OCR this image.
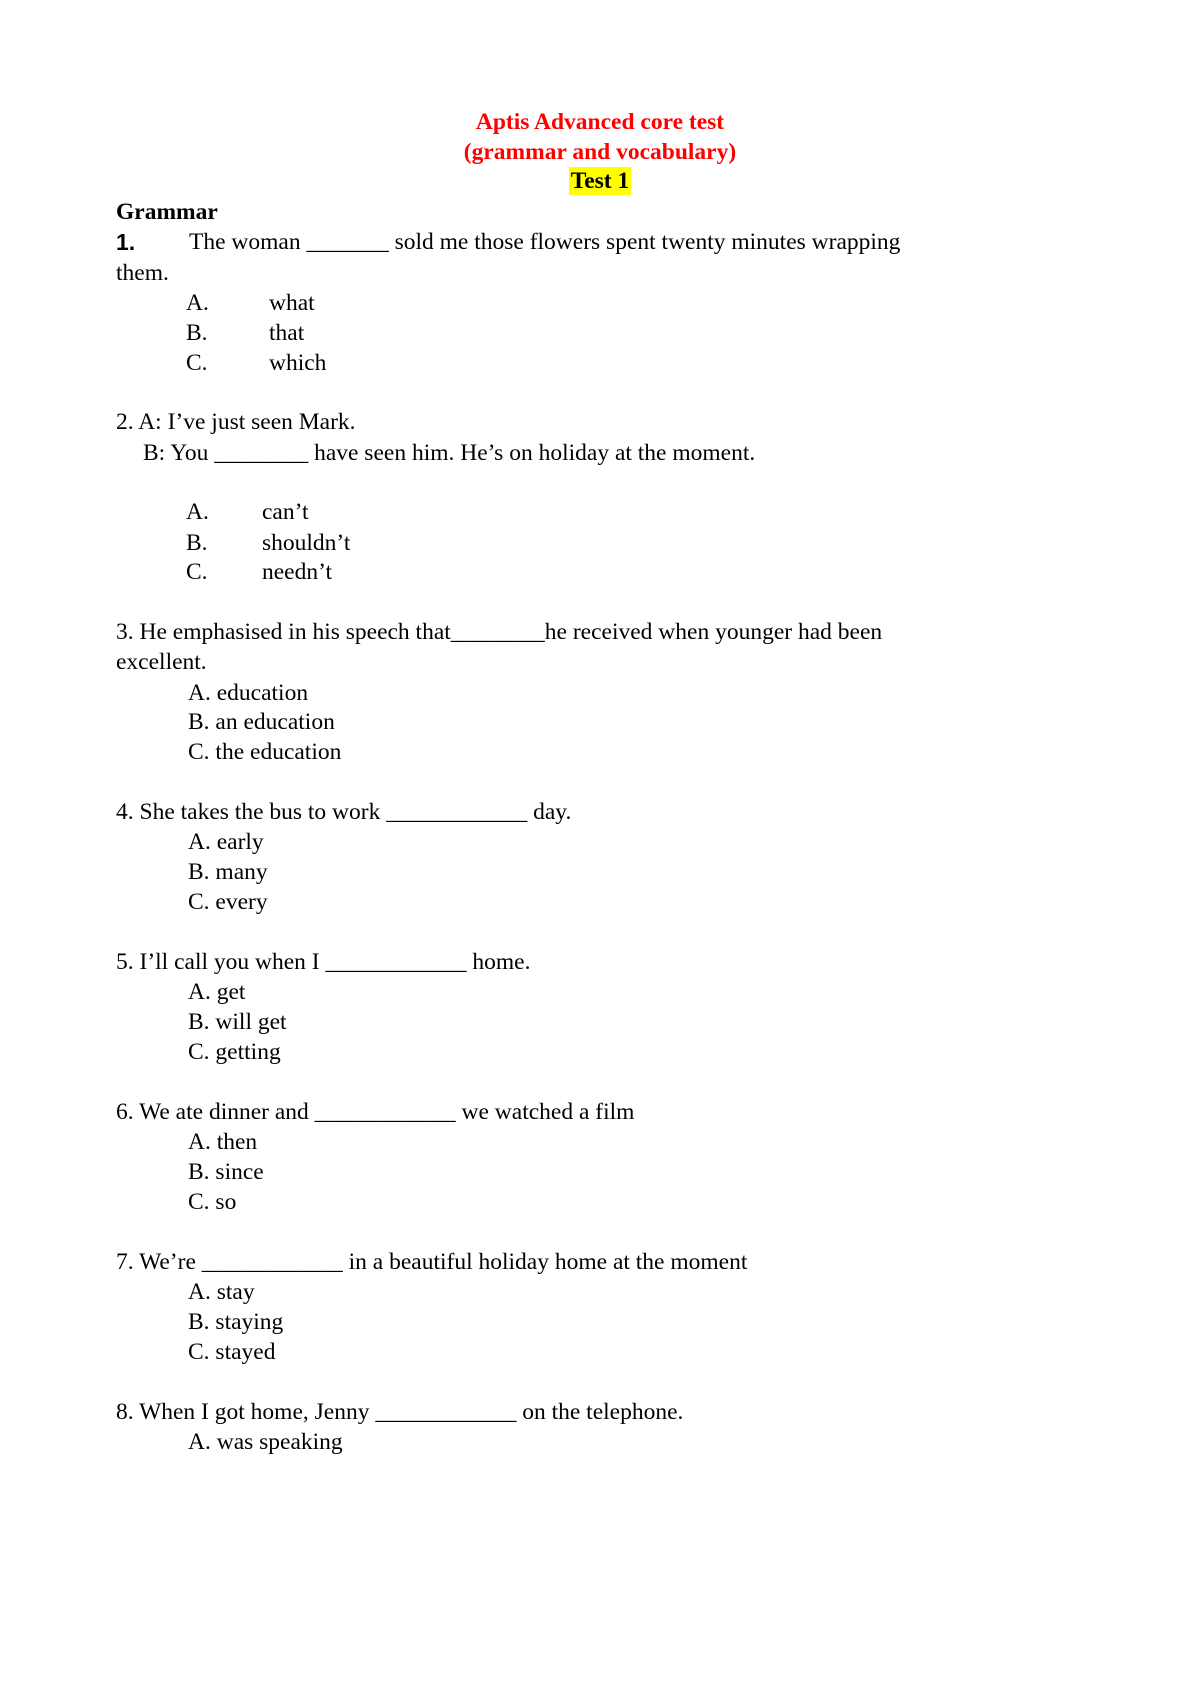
Aptis Advanced core test
(grammar and vocabulary)
Test 1
Grammar
1. The woman _______ sold me those flowers spent twenty minutes wrapping
them.
A.	what
B.	that
C.	which
2. A: I’ve just seen Mark.
B: You ________ have seen him. He’s on holiday at the moment.
A. can’t
B. shouldn’t
C. needn’t
3. He emphasised in his speech that________he received when younger had been
excellent.
A. education
B. an education
C. the education
4. She takes the bus to work ____________ day.
A. early
B. many
C. every
5. I’ll call you when I ____________ home.
A. get
B. will get
C. getting
6. We ate dinner and ____________ we watched a film
A. then
B. since
C. so
7. We’re ____________ in a beautiful holiday home at the moment
A. stay
B. staying
C. stayed
8. When I got home, Jenny ____________ on the telephone.
A. was speaking
